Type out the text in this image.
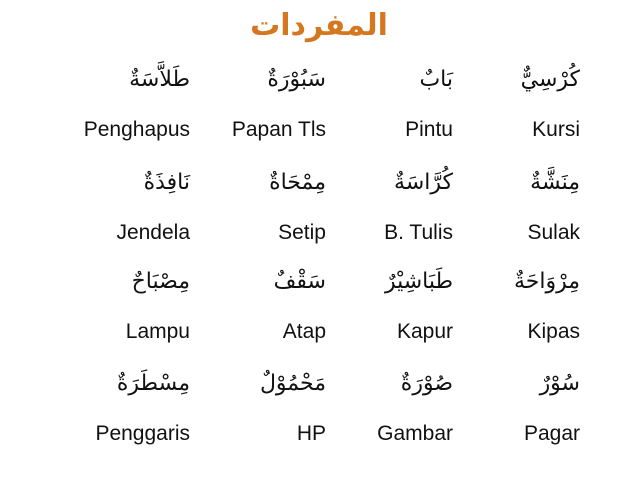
المفردات
طَلاَّسَةٌ
Penghapus
سَبُوْرَةٌ
Papan Tls
بَابٌ
Pintu
كُرْسِيٌّ
Kursi
نَافِذَةٌ
Jendela
مِمْحَاةٌ
Setip
كُرَّاسَةٌ
B. Tulis
مِنَشَّةٌ
Sulak
مِصْبَاحٌ
Lampu
سَقْفٌ
Atap
طَبَاشِيْرٌ
Kapur
مِرْوَاحَةٌ
Kipas
مِسْطَرَةٌ
Penggaris
مَحْمُوْلٌ
HP
صُوْرَةٌ
Gambar
سُوْرٌ
Pagar
